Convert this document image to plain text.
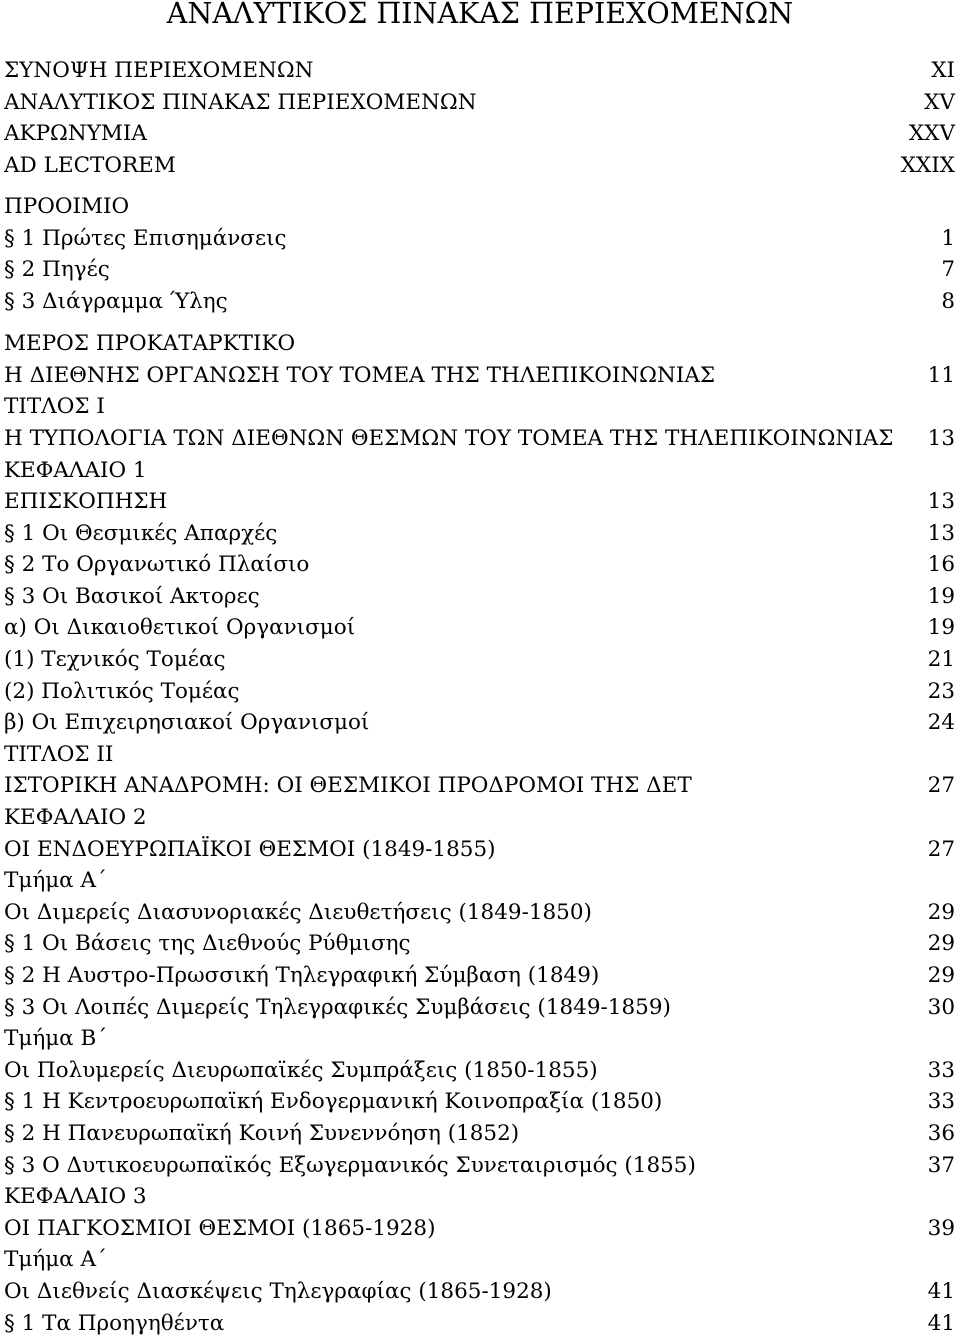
ΑΝΑΛΥΤΙΚΟΣ ΠΙΝΑΚΑΣ ΠΕΡΙΕΧΟΜΕΝΩΝ
ΣΥΝΟΨΗ ΠΕΡΙΕΧΟΜΕΝΩΝ	XI
ΑΝΑΛΥΤΙΚΟΣ ΠΙΝΑΚΑΣ ΠΕΡΙΕΧΟΜΕΝΩΝ	XV
ΑΚΡΩΝΥΜΙΑ	XXV
AD LECTOREM	XXIX
ΠΡΟΟΙΜΙΟ
§ 1 Πρώτες Επισημάνσεις	1
§ 2 Πηγές	7
§ 3 Διάγραμμα Ύλης	8
ΜΕΡΟΣ ΠΡΟΚΑΤΑΡΚΤΙΚΟ
Η ΔΙΕΘΝΗΣ ΟΡΓΑΝΩΣΗ ΤΟΥ ΤΟΜΕΑ ΤΗΣ ΤΗΛΕΠΙΚΟΙΝΩΝΙΑΣ	11
ΤΙΤΛΟΣ Ι
Η ΤΥΠΟΛΟΓΙΑ ΤΩΝ ΔΙΕΘΝΩΝ ΘΕΣΜΩΝ ΤΟΥ ΤΟΜΕΑ ΤΗΣ ΤΗΛΕΠΙΚΟΙΝΩΝΙΑΣ	13
ΚΕΦΑΛΑΙΟ 1
ΕΠΙΣΚΟΠΗΣΗ	13
§ 1 Οι Θεσμικές Απαρχές	13
§ 2 Το Οργανωτικό Πλαίσιο	16
§ 3 Οι Βασικοί Ακτορες	19
α) Οι Δικαιοθετικοί Οργανισμοί	19
(1) Τεχνικός Τομέας	21
(2) Πολιτικός Τομέας	23
β) Οι Επιχειρησιακοί Οργανισμοί	24
ΤΙΤΛΟΣ ΙΙ
ΙΣΤΟΡΙΚΗ ΑΝΑΔΡΟΜΗ: ΟΙ ΘΕΣΜΙΚΟΙ ΠΡΟΔΡΟΜΟΙ ΤΗΣ ΔΕΤ	27
ΚΕΦΑΛΑΙΟ 2
ΟΙ ΕΝΔΟΕΥΡΩΠΑΪΚΟΙ ΘΕΣΜΟΙ (1849-1855)	27
Τμήμα Α΄
Οι Διμερείς Διασυνοριακές Διευθετήσεις (1849-1850)	29
§ 1 Οι Βάσεις της Διεθνούς Ρύθμισης	29
§ 2 Η Αυστρο-Πρωσσική Τηλεγραφική Σύμβαση (1849)	29
§ 3 Οι Λοιπές Διμερείς Τηλεγραφικές Συμβάσεις (1849-1859)	30
Τμήμα Β΄
Οι Πολυμερείς Διευρωπαϊκές Συμπράξεις (1850-1855)	33
§ 1 Η Κεντροευρωπαϊκή Ενδογερμανική Κοινοπραξία (1850)	33
§ 2 Η Πανευρωπαϊκή Κοινή Συνεννόηση (1852)	36
§ 3 Ο Δυτικοευρωπαϊκός Εξωγερμανικός Συνεταιρισμός (1855)	37
ΚΕΦΑΛΑΙΟ 3
ΟΙ ΠΑΓΚΟΣΜΙΟΙ ΘΕΣΜΟΙ (1865-1928)	39
Τμήμα Α΄
Οι Διεθνείς Διασκέψεις Τηλεγραφίας (1865-1928)	41
§ 1 Τα Προηγηθέντα	41
